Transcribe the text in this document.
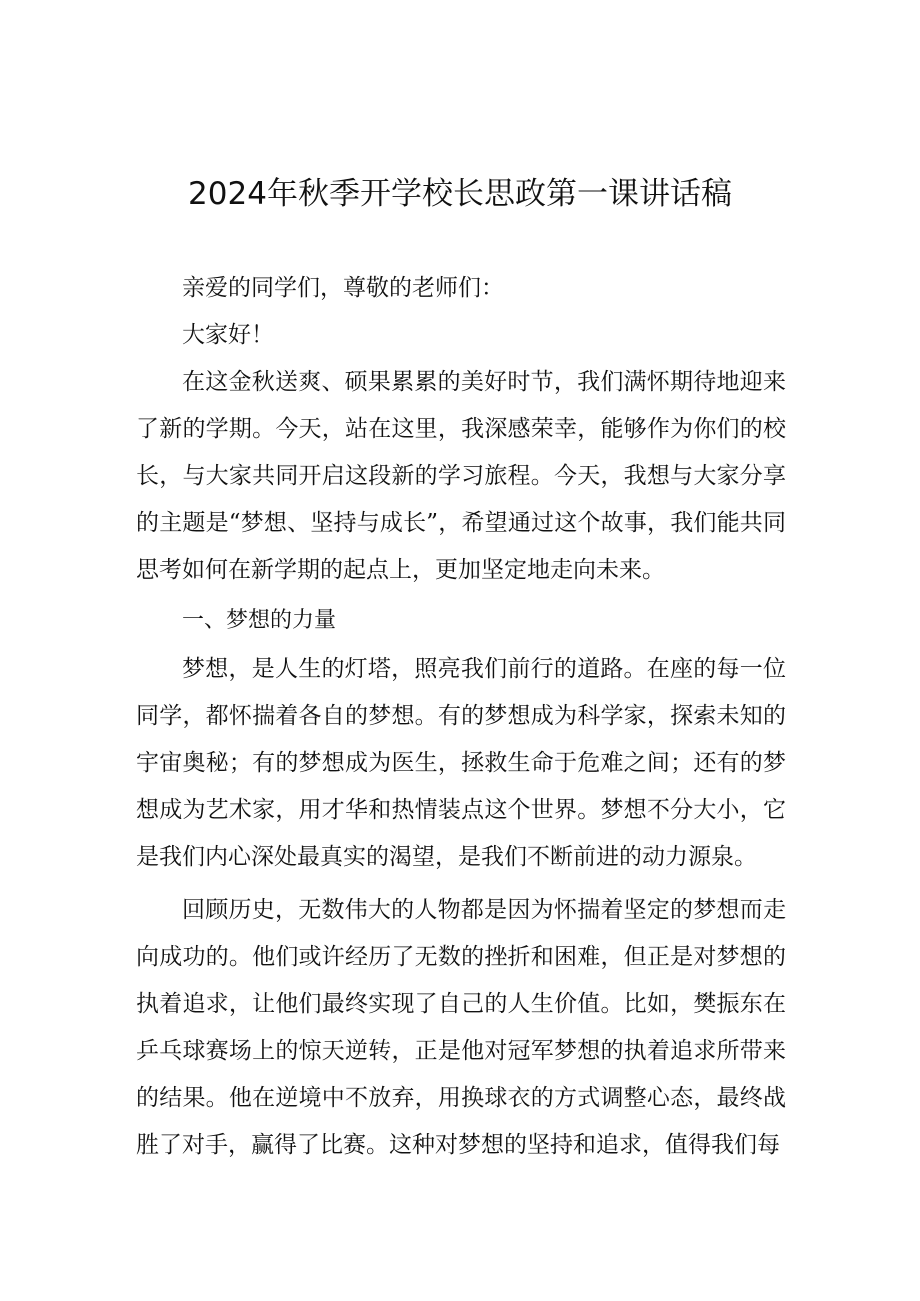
2024年秋季开学校长思政第一课讲话稿

亲爱的同学们，尊敬的老师们：

大家好！

在这金秋送爽、硕果累累的美好时节，我们满怀期待地迎来了新的学期。今天，站在这里，我深感荣幸，能够作为你们的校长，与大家共同开启这段新的学习旅程。今天，我想与大家分享的主题是“梦想、坚持与成长”，希望通过这个故事，我们能共同思考如何在新学期的起点上，更加坚定地走向未来。

一、梦想的力量

梦想，是人生的灯塔，照亮我们前行的道路。在座的每一位同学，都怀揣着各自的梦想。有的梦想成为科学家，探索未知的宇宙奥秘；有的梦想成为医生，拯救生命于危难之间；还有的梦想成为艺术家，用才华和热情装点这个世界。梦想不分大小，它是我们内心深处最真实的渴望，是我们不断前进的动力源泉。

回顾历史，无数伟大的人物都是因为怀揣着坚定的梦想而走向成功的。他们或许经历了无数的挫折和困难，但正是对梦想的执着追求，让他们最终实现了自己的人生价值。比如，樊振东在乒乓球赛场上的惊天逆转，正是他对冠军梦想的执着追求所带来的结果。他在逆境中不放弃，用换球衣的方式调整心态，最终战胜了对手，赢得了比赛。这种对梦想的坚持和追求，值得我们每
